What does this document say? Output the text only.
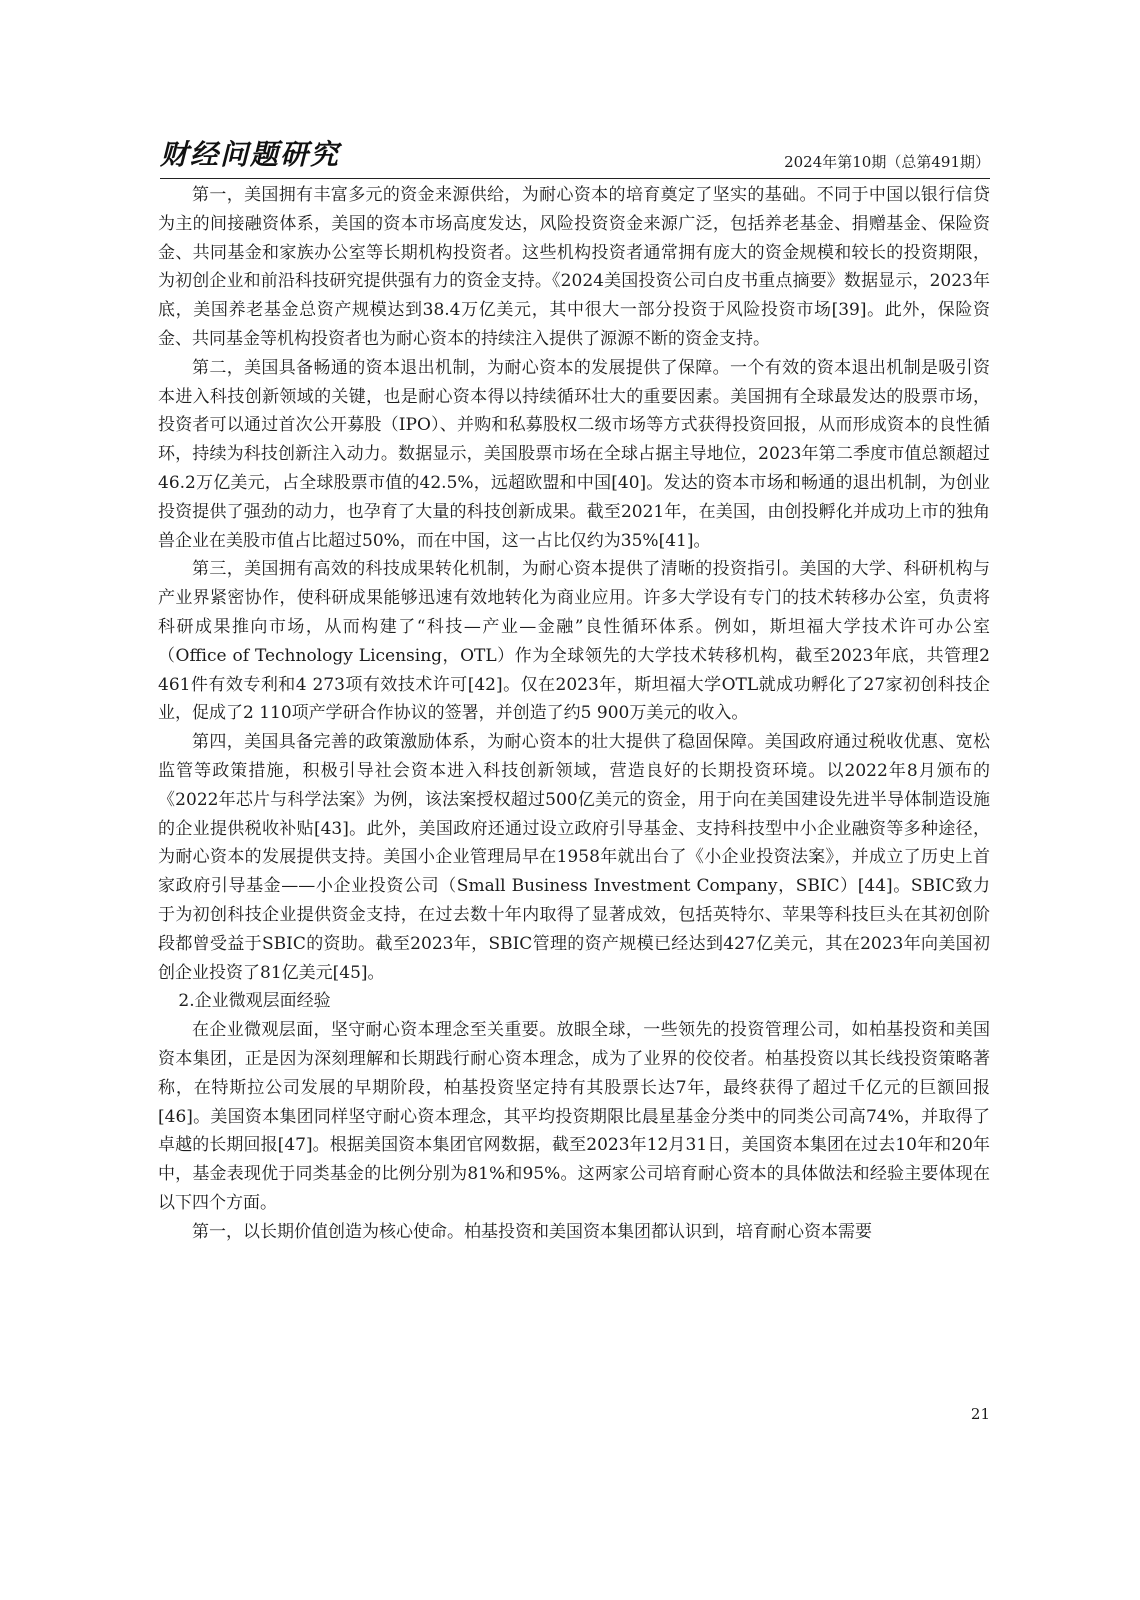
财经问题研究	2024年第10期（总第491期）

第一，美国拥有丰富多元的资金来源供给，为耐心资本的培育奠定了坚实的基础。不同于中国以银行信贷为主的间接融资体系，美国的资本市场高度发达，风险投资资金来源广泛，包括养老基金、捐赠基金、保险资金、共同基金和家族办公室等长期机构投资者。这些机构投资者通常拥有庞大的资金规模和较长的投资期限，为初创企业和前沿科技研究提供强有力的资金支持。《2024美国投资公司白皮书重点摘要》数据显示，2023年底，美国养老基金总资产规模达到38.4万亿美元，其中很大一部分投资于风险投资市场[39]。此外，保险资金、共同基金等机构投资者也为耐心资本的持续注入提供了源源不断的资金支持。

第二，美国具备畅通的资本退出机制，为耐心资本的发展提供了保障。一个有效的资本退出机制是吸引资本进入科技创新领域的关键，也是耐心资本得以持续循环壮大的重要因素。美国拥有全球最发达的股票市场，投资者可以通过首次公开募股（IPO）、并购和私募股权二级市场等方式获得投资回报，从而形成资本的良性循环，持续为科技创新注入动力。数据显示，美国股票市场在全球占据主导地位，2023年第二季度市值总额超过46.2万亿美元，占全球股票市值的42.5%，远超欧盟和中国[40]。发达的资本市场和畅通的退出机制，为创业投资提供了强劲的动力，也孕育了大量的科技创新成果。截至2021年，在美国，由创投孵化并成功上市的独角兽企业在美股市值占比超过50%，而在中国，这一占比仅约为35%[41]。

第三，美国拥有高效的科技成果转化机制，为耐心资本提供了清晰的投资指引。美国的大学、科研机构与产业界紧密协作，使科研成果能够迅速有效地转化为商业应用。许多大学设有专门的技术转移办公室，负责将科研成果推向市场，从而构建了“科技—产业—金融”良性循环体系。例如，斯坦福大学技术许可办公室（Office of Technology Licensing，OTL）作为全球领先的大学技术转移机构，截至2023年底，共管理2 461件有效专利和4 273项有效技术许可[42]。仅在2023年，斯坦福大学OTL就成功孵化了27家初创科技企业，促成了2 110项产学研合作协议的签署，并创造了约5 900万美元的收入。

第四，美国具备完善的政策激励体系，为耐心资本的壮大提供了稳固保障。美国政府通过税收优惠、宽松监管等政策措施，积极引导社会资本进入科技创新领域，营造良好的长期投资环境。以2022年8月颁布的《2022年芯片与科学法案》为例，该法案授权超过500亿美元的资金，用于向在美国建设先进半导体制造设施的企业提供税收补贴[43]。此外，美国政府还通过设立政府引导基金、支持科技型中小企业融资等多种途径，为耐心资本的发展提供支持。美国小企业管理局早在1958年就出台了《小企业投资法案》，并成立了历史上首家政府引导基金——小企业投资公司（Small Business Investment Company，SBIC）[44]。SBIC致力于为初创科技企业提供资金支持，在过去数十年内取得了显著成效，包括英特尔、苹果等科技巨头在其初创阶段都曾受益于SBIC的资助。截至2023年，SBIC管理的资产规模已经达到427亿美元，其在2023年向美国初创企业投资了81亿美元[45]。

2.企业微观层面经验

在企业微观层面，坚守耐心资本理念至关重要。放眼全球，一些领先的投资管理公司，如柏基投资和美国资本集团，正是因为深刻理解和长期践行耐心资本理念，成为了业界的佼佼者。柏基投资以其长线投资策略著称，在特斯拉公司发展的早期阶段，柏基投资坚定持有其股票长达7年，最终获得了超过千亿元的巨额回报[46]。美国资本集团同样坚守耐心资本理念，其平均投资期限比晨星基金分类中的同类公司高74%，并取得了卓越的长期回报[47]。根据美国资本集团官网数据，截至2023年12月31日，美国资本集团在过去10年和20年中，基金表现优于同类基金的比例分别为81%和95%。这两家公司培育耐心资本的具体做法和经验主要体现在以下四个方面。

第一，以长期价值创造为核心使命。柏基投资和美国资本集团都认识到，培育耐心资本需要

21
